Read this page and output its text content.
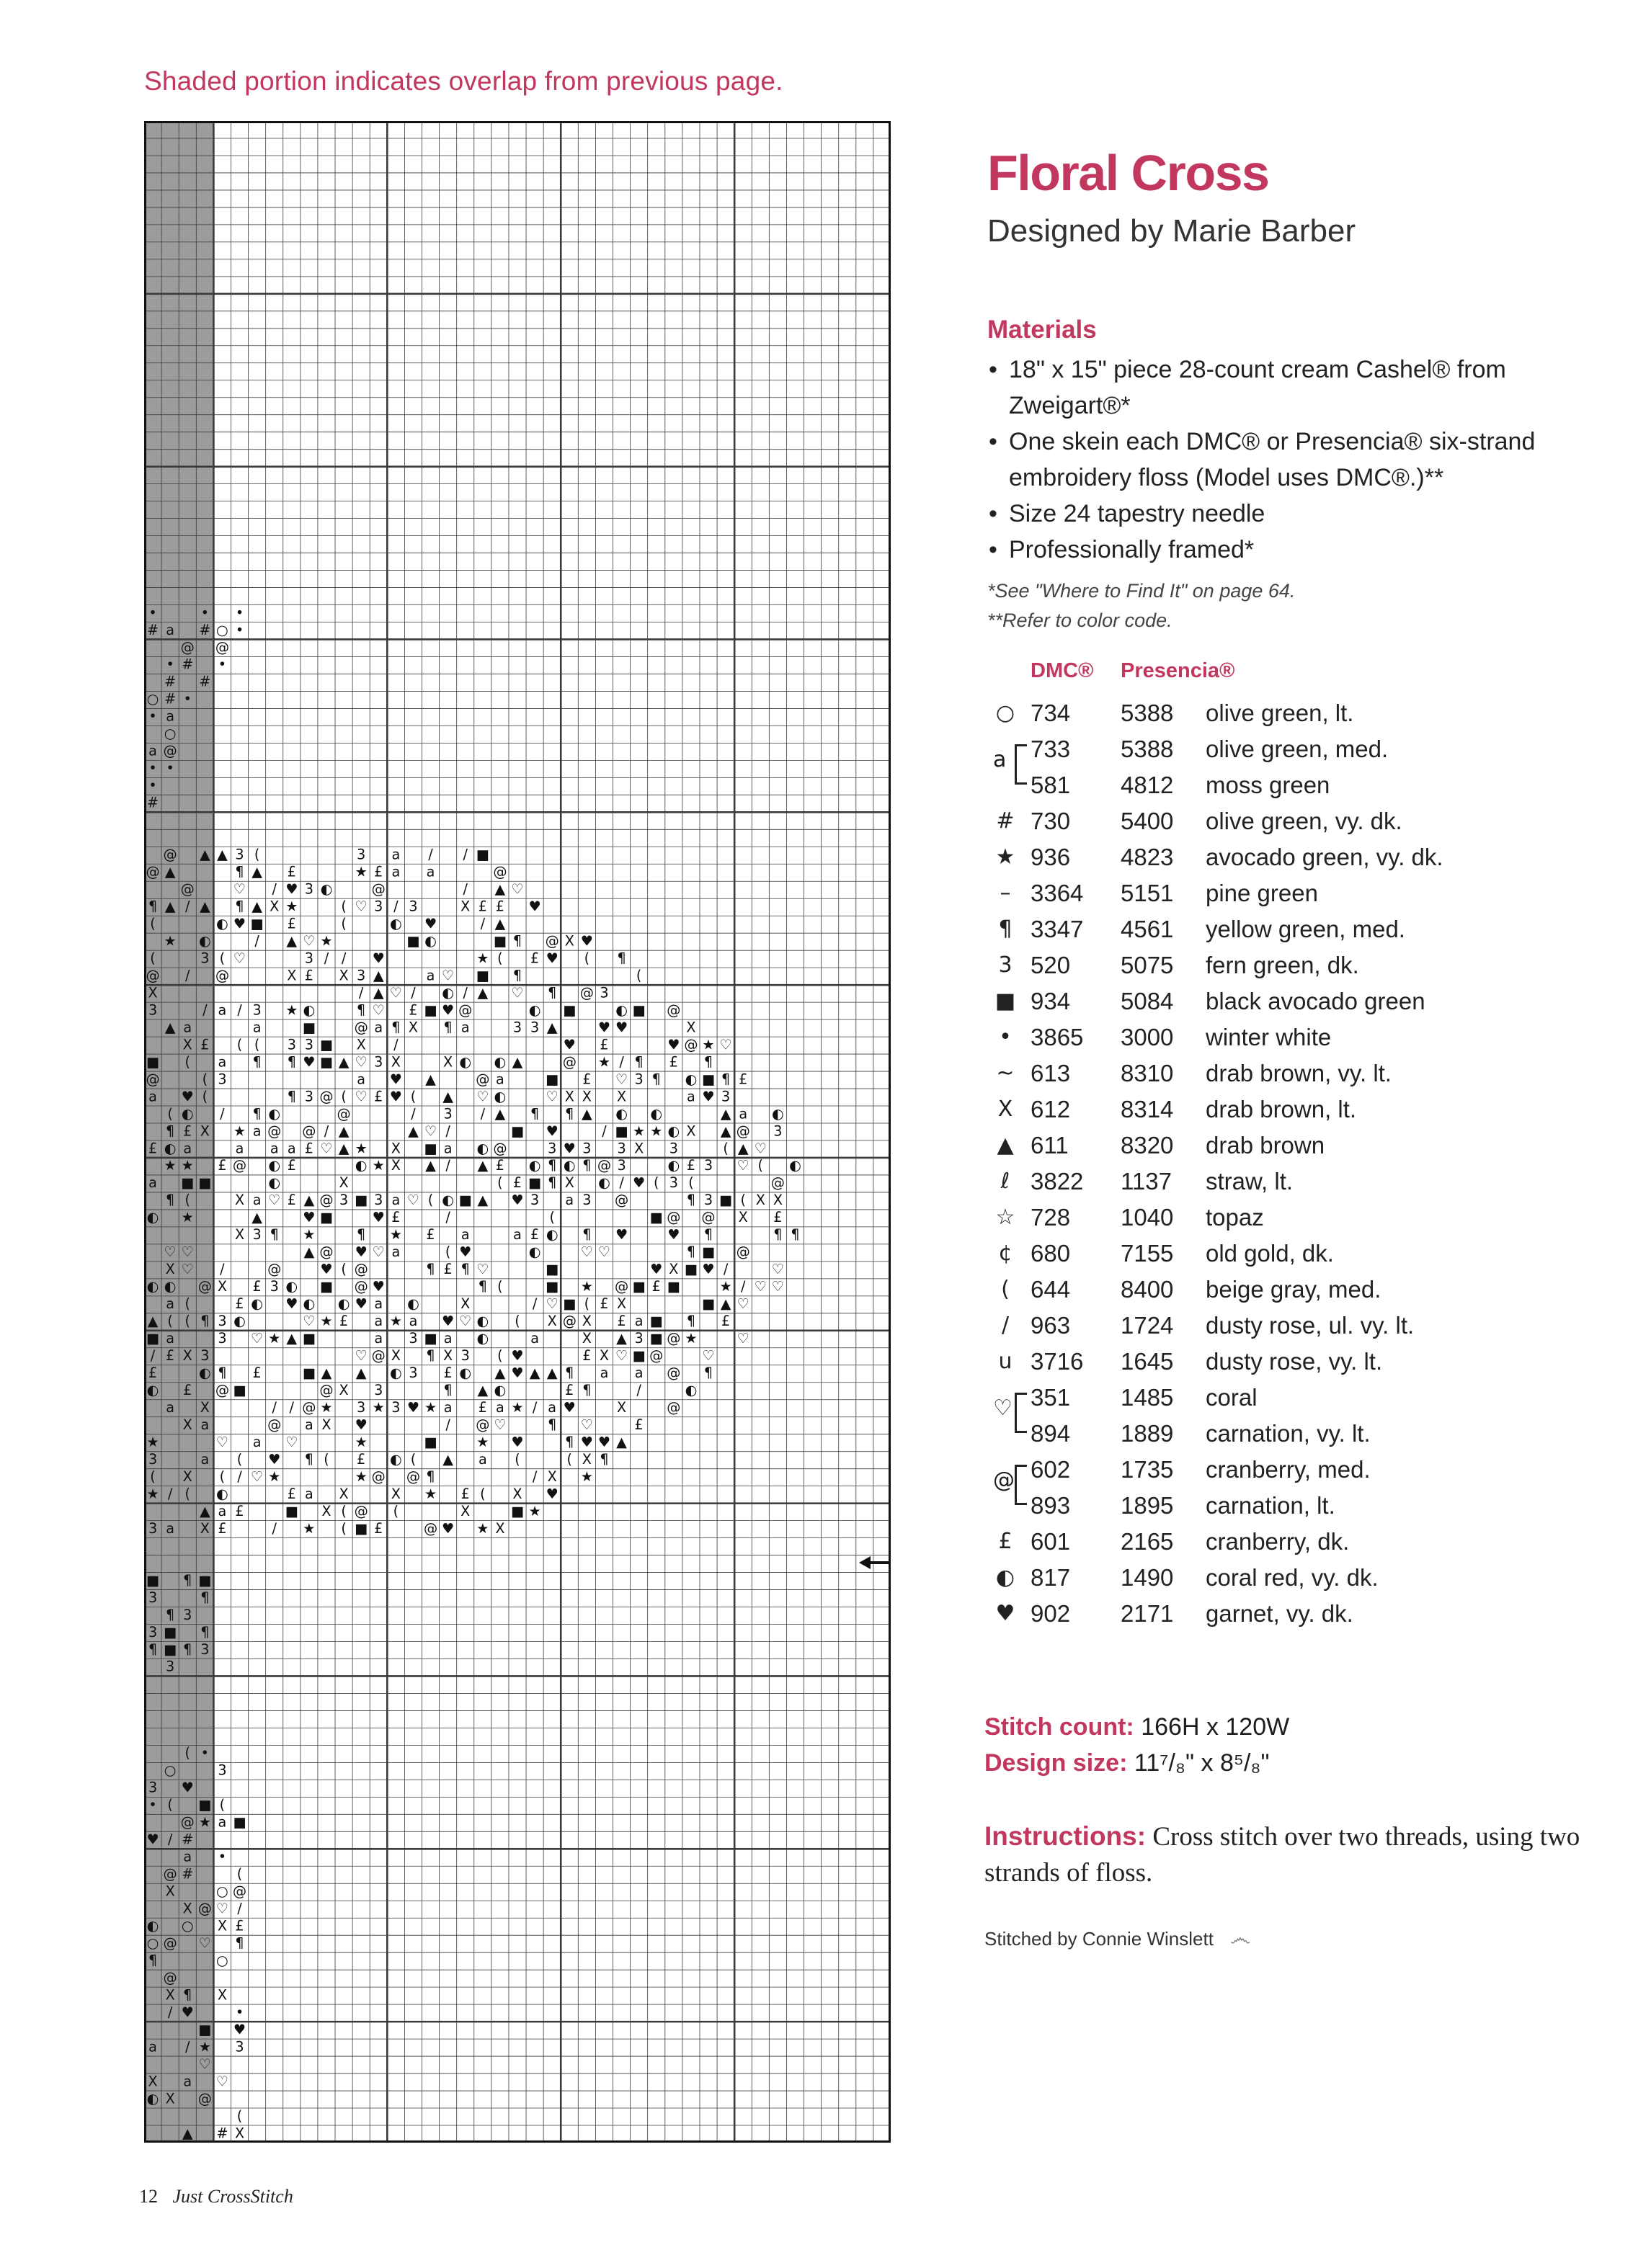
Shaded portion indicates overlap from previous page.
•	• •
# a # ○ •
@ @
• # •
# #
○ # •
• a
○
a @
• •
•
#
@ ▲ ▲ 3 (	3 a / / ■
@ ▲	¶ ▲ £	★ £ a a	@
@	♡ / ♥ 3 ◐	@	/ ▲ ♡
¶ ▲ / ▲ ¶ ▲ X ★	( ♡ 3 / 3	X £ £ ♥
(	◐ ♥ ■ £	(	◐ ♥	/ ▲
★ ◐	/ ▲ ♡ ★	■ ◐	■ ¶ @ X ♥
(	3 ( ♡	3 / / ♥	★ ( £ ♥ ( ¶
@ / @	X £ X 3 ▲	a ♡ ■ ¶	(
X	/ ▲ ♡ / ◐ / ▲ ♡ ¶ @ 3
3	/ a / 3 ★ ◐	¶ ♡ £ ■ ♥ @	◐ ■	◐ ■ @
▲ a	a	■	@ a ¶ X ¶ a	3 3 ▲	♥ ♥	X
X £ ( ( 3 3 ■ X /	♥ £	♥ @ ★ ♡
■ ( a ¶ ¶ ♥ ■ ▲ ♡ 3 X	X ◐ ◐ ▲	@ ★ / ¶ £ ¶
@	( 3	a ♥ ▲	@ a	■ £ ♡ 3 ¶ ◐ ■ ¶ £
a ♥ (	¶ 3 @ ( ♡ £ ♥ ( ▲ ♡ ◐	♡ X X X	a ♥ 3
( ◐ / ¶ ◐	@	/ 3 / ▲ ¶ ¶ ▲ ◐ ◐	▲ a ◐
¶ £ X ★ a @ @ / ▲	▲ ♡ /	■ ♥	/ ■ ★ ★ ◐ X ▲ @ 3
£ ◐ a	a a a £ ♡ ▲ ★ X ■ a ◐ @	3 ♥ 3 3 X 3	( ▲ ♡
★ ★ £ @ ◐ £	◐ ★ X ▲ / ▲ £ ◐ ¶ ◐ ¶ @ 3	◐ £ 3 ♡ ( ◐
a ■ ■	◐	X	( £ ■ ¶ X ◐ / ♥ ( 3 (	@
¶ (	X a ♡ £ ▲ @ 3 ■ 3 a ♡ ( ◐ ■ ▲ ♥ 3 a 3 @	¶ 3 ■ ( X X
◐ ★	▲	♥ ■	♥ £	/	(	■ @ @ X £
X 3 ¶ ★	¶ ★ £ a	a £ ◐ ¶ ♥	♥ ¶	¶ ¶
♡ ♡	▲ @ ♥ ♡ a	( ♥	◐	♡ ♡	¶ ■ @
X ♡ /	@	♥ ( @	¶ £ ¶ ♡	■	♥ X ■ ♥ /	♡
◐ ◐ @ X £ 3 ◐ ■ @ ♥	¶ (	■ ★ @ ■ £ ■	★ / ♡ ♡
a (	£ ◐ ♥ ◐ ◐ ♥ a ◐	X	/ ♡ ■ ( £ X	■ ▲ ♡
▲ ( ( ¶ 3 ◐	♡ ★ £ a ★ a ♥ ♡ ◐ ( X @ X £ a ■ ¶ £
■ a	3 ♡ ★ ▲ ■	a 3 ■ a ◐	a	X ▲ 3 ■ @ ★	♡
/ £ X 3	♡ @ X ¶ X 3 ( ♥	£ X ♡ ■ @	♡
£	◐ ¶ £	■ ▲ ▲ ◐ 3 £ ◐ ▲ ♥ ▲ ▲ ¶ a a @ ¶
◐ £ @ ■	@ X 3	¶ ▲ ◐	£ ¶	/	◐
a X	/ / @ ★ 3 ★ 3 ♥ ★ a £ a ★ / a ♥	X	@
X a	@ a X ♥	/ @ ♡	¶ ♡	£
★	♡ a ♡	★	■	★ ♥	¶ ♥ ♥ ▲
3	a ( ♥ ¶ ( £ ◐ ( ▲ a (	( X ¶
( X ( / ♡ ★	★ @ @ ¶	/ X ★
★ / ( ◐	£ a X	X ★ £ ( X ♥
▲ a £	■ X ( @ (	X	■ ★
3 a X £	/ ★ ( ■ £	@ ♥ ★ X
■ ¶ ■
3	¶
¶ 3
3 ■ ¶
¶ ■ ¶ 3
3
( •
○	3
3 ♥
• ( ■ (
@ ★ a ■
♥ / #
a •
@ #	(
X	○ @
X @ ♡ /
◐ ○ X £
○ @ ♡ ¶
¶	○
@
X ¶ X
/ ♥	•
■ ♥
a / ★ 3
♡
X a ♡
◐ X @
(
▲ # X
Floral Cross
Designed by Marie Barber
Materials
• 18" x 15" piece 28-count cream Cashel® from Zweigart®*
• One skein each DMC® or Presencia® six-strand embroidery floss (Model uses DMC®.)**
• Size 24 tapestry needle
• Professionally framed*
*See "Where to Find It" on page 64.
**Refer to color code.
DMC® Presencia®
○ 734 5388 olive green, lt.
733 5388 olive green, med.
581 4812 moss green
# 730 5400 olive green, vy. dk.
★ 936 4823 avocado green, vy. dk.
– 3364 5151 pine green
¶ 3347 4561 yellow green, med.
3 520 5075 fern green, dk.
■ 934 5084 black avocado green
• 3865 3000 winter white
~ 613 8310 drab brown, vy. lt.
X 612 8314 drab brown, lt.
▲ 611 8320 drab brown
ℓ 3822 1137 straw, lt.
☆ 728 1040 topaz
¢ 680 7155 old gold, dk.
( 644 8400 beige gray, med.
/ 963 1724 dusty rose, ul. vy. lt.
u 3716 1645 dusty rose, vy. lt.
351 1485 coral
894 1889 carnation, vy. lt.
602 1735 cranberry, med.
893 1895 carnation, lt.
£ 601 2165 cranberry, dk.
◐ 817 1490 coral red, vy. dk.
♥ 902 2171 garnet, vy. dk.
a
♡
@
Stitch count: 166H x 120W
Design size: 11⁷/₈" x 8⁵/₈"
Instructions: Cross stitch over two threads, using two strands of floss.
Stitched by Connie Winslett ෴
12 Just CrossStitch
